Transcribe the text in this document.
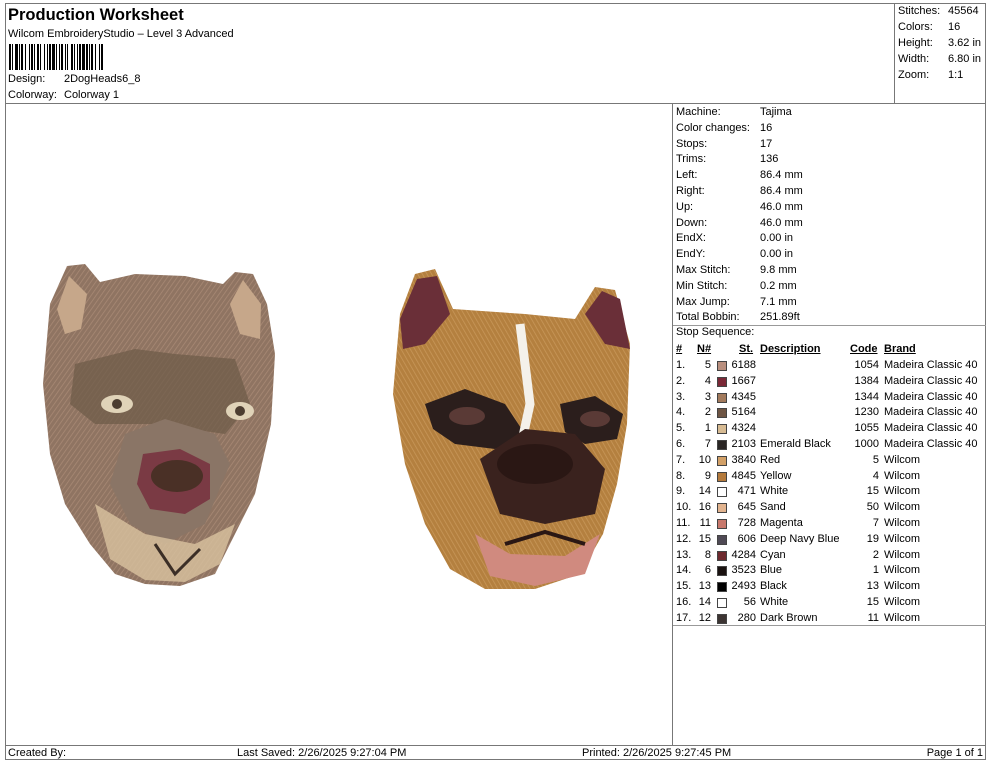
Production Worksheet
Wilcom EmbroideryStudio – Level 3 Advanced
Design: 2DogHeads6_8
Colorway: Colorway 1
Stitches: 45564
Colors: 16
Height: 3.62 in
Width: 6.80 in
Zoom: 1:1
Machine:	Tajima
Color changes: 16
Stops:	17
Trims:	136
Left:	86.4 mm
Right:	86.4 mm
Up:	46.0 mm
Down:	46.0 mm
EndX:	0.00 in
EndY:	0.00 in
Max Stitch:	9.8 mm
Min Stitch:	0.2 mm
Max Jump:	7.1 mm
Total Bobbin: 251.89ft
Stop Sequence:
# N#	St. Description	Code Brand
1.	5 6188	1054 Madeira Classic 40
2.	4 1667	1384 Madeira Classic 40
3.	3 4345	1344 Madeira Classic 40
4.	2 5164	1230 Madeira Classic 40
5.	1 4324	1055 Madeira Classic 40
6.	7 2103 Emerald Black	1000 Madeira Classic 40
7. 10 3840 Red	5 Wilcom
8.	9 4845 Yellow	4 Wilcom
9. 14	471 White	15 Wilcom
10. 16	645 Sand	50 Wilcom
11. 11	728 Magenta	7 Wilcom
12. 15	606 Deep Navy Blue	19 Wilcom
13.	8 4284 Cyan	2 Wilcom
14.	6 3523 Blue	1 Wilcom
15. 13 2493 Black	13 Wilcom
16. 14	56 White	15 Wilcom
17. 12	280 Dark Brown	11 Wilcom
Created By:	Last Saved: 2/26/2025 9:27:04 PM	Printed: 2/26/2025 9:27:45 PM	Page 1 of 1
